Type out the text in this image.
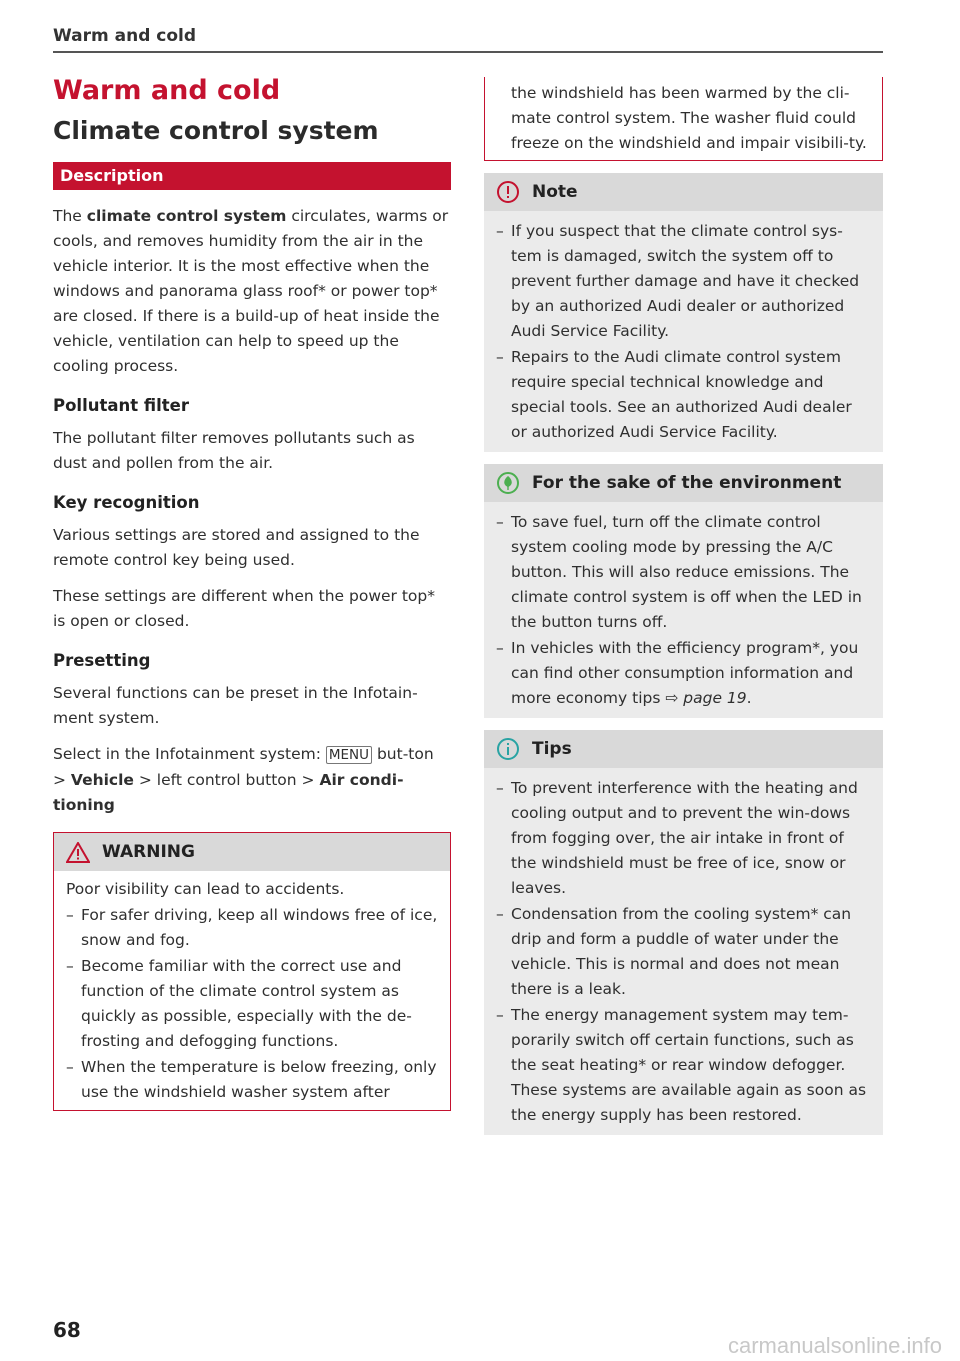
Warm and cold
Warm and cold
Climate control system
Description

The climate control system circulates, warms or cools, and removes humidity from the air in the vehicle interior. It is the most effective when the windows and panorama glass roof* or power top* are closed. If there is a build-up of heat inside the vehicle, ventilation can help to speed up the cooling process.

Pollutant filter

The pollutant filter removes pollutants such as dust and pollen from the air.

Key recognition

Various settings are stored and assigned to the remote control key being used.

These settings are different when the power top* is open or closed.

Presetting

Several functions can be preset in the Infotain-ment system.

Select in the Infotainment system: MENU but-ton > Vehicle > left control button > Air condi-tioning

WARNING

Poor visibility can lead to accidents.

– For safer driving, keep all windows free of ice, snow and fog.
– Become familiar with the correct use and function of the climate control system as quickly as possible, especially with the de-frosting and defogging functions.
– When the temperature is below freezing, only use the windshield washer system after
the windshield has been warmed by the cli-mate control system. The washer fluid could freeze on the windshield and impair visibili-ty.
Note
– If you suspect that the climate control sys-tem is damaged, switch the system off to prevent further damage and have it checked by an authorized Audi dealer or authorized Audi Service Facility.
– Repairs to the Audi climate control system require special technical knowledge and special tools. See an authorized Audi dealer or authorized Audi Service Facility.
For the sake of the environment
– To save fuel, turn off the climate control system cooling mode by pressing the A/C button. This will also reduce emissions. The climate control system is off when the LED in the button turns off.
– In vehicles with the efficiency program*, you can find other consumption information and more economy tips ⇨ page 19.
Tips
– To prevent interference with the heating and cooling output and to prevent the win-dows from fogging over, the air intake in front of the windshield must be free of ice, snow or leaves.
– Condensation from the cooling system* can drip and form a puddle of water under the vehicle. This is normal and does not mean there is a leak.
– The energy management system may tem-porarily switch off certain functions, such as the seat heating* or rear window defogger. These systems are available again as soon as the energy supply has been restored.
68
carmanualsonline.info
